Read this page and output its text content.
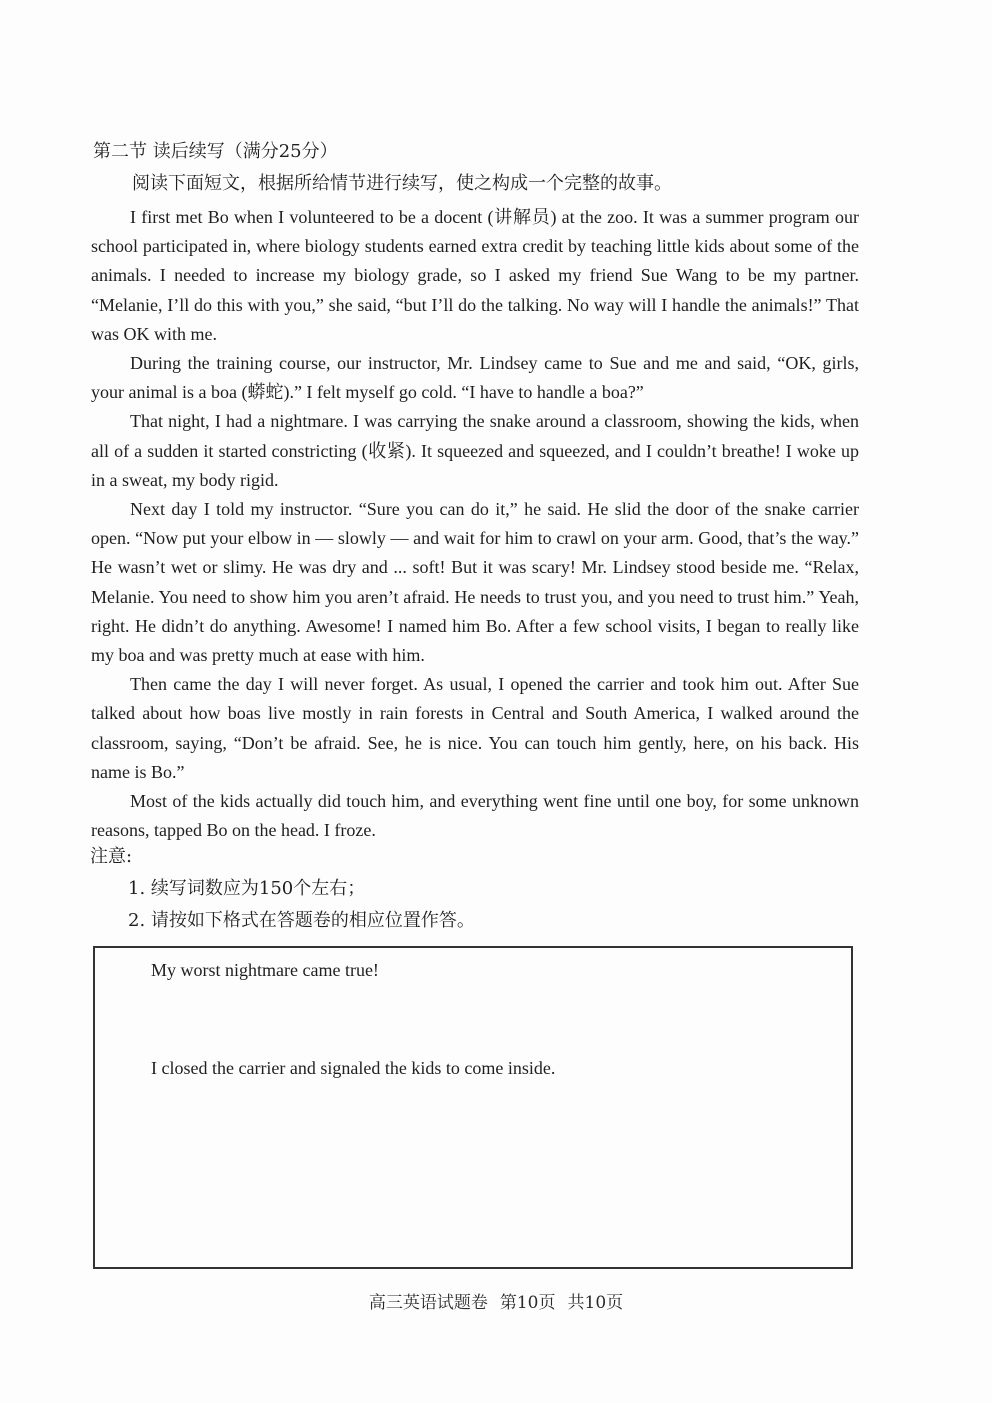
第二节 读后续写（满分25分）
阅读下面短文，根据所给情节进行续写，使之构成一个完整的故事。

I first met Bo when I volunteered to be a docent (讲解员) at the zoo. It was a summer program our school participated in, where biology students earned extra credit by teaching little kids about some of the animals. I needed to increase my biology grade, so I asked my friend Sue Wang to be my partner. “Melanie, I’ll do this with you,” she said, “but I’ll do the talking. No way will I handle the animals!” That was OK with me.

During the training course, our instructor, Mr. Lindsey came to Sue and me and said, “OK, girls, your animal is a boa (蟒蛇).” I felt myself go cold. “I have to handle a boa?”

That night, I had a nightmare. I was carrying the snake around a classroom, showing the kids, when all of a sudden it started constricting (收紧). It squeezed and squeezed, and I couldn’t breathe! I woke up in a sweat, my body rigid.

Next day I told my instructor. “Sure you can do it,” he said. He slid the door of the snake carrier open. “Now put your elbow in — slowly — and wait for him to crawl on your arm. Good, that’s the way.” He wasn’t wet or slimy. He was dry and ... soft! But it was scary! Mr. Lindsey stood beside me. “Relax, Melanie. You need to show him you aren’t afraid. He needs to trust you, and you need to trust him.” Yeah, right. He didn’t do anything. Awesome! I named him Bo. After a few school visits, I began to really like my boa and was pretty much at ease with him.

Then came the day I will never forget. As usual, I opened the carrier and took him out. After Sue talked about how boas live mostly in rain forests in Central and South America, I walked around the classroom, saying, “Don’t be afraid. See, he is nice. You can touch him gently, here, on his back. His name is Bo.”

Most of the kids actually did touch him, and everything went fine until one boy, for some unknown reasons, tapped Bo on the head. I froze.

注意:
1. 续写词数应为150个左右；
2. 请按如下格式在答题卷的相应位置作答。
My worst nightmare came true!
I closed the carrier and signaled the kids to come inside.
高三英语试题卷 第10页 共10页
